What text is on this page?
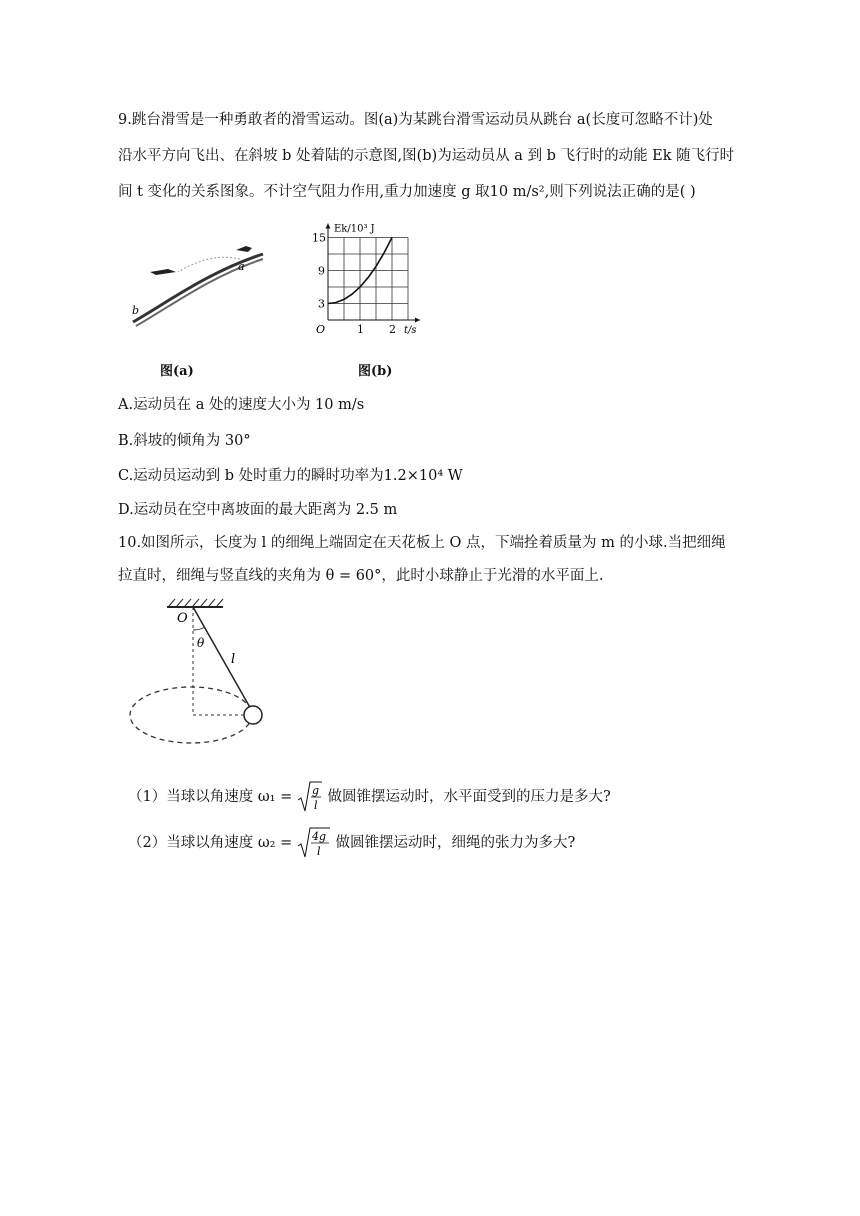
9.跳台滑雪是一种勇敢者的滑雪运动。图(a)为某跳台滑雪运动员从跳台 a(长度可忽略不计)处
沿水平方向飞出、在斜坡 b 处着陆的示意图,图(b)为运动员从 a 到 b 飞行时的动能 Ek 随飞行时
间 t 变化的关系图象。不计空气阻力作用,重力加速度 g 取10 m/s²,则下列说法正确的是( )
a
b
图(a)
1 2
3
9
15
O
Ek/10³ J
t/s
图(b)
A.运动员在 a 处的速度大小为 10 m/s
B.斜坡的倾角为 30°
C.运动员运动到 b 处时重力的瞬时功率为1.2×10⁴ W
D.运动员在空中离坡面的最大距离为 2.5 m
10.如图所示，长度为 l 的细绳上端固定在天花板上 O 点，下端拴着质量为 m 的小球.当把细绳
拉直时，细绳与竖直线的夹角为 θ = 60°，此时小球静止于光滑的水平面上.
O
θ
l
（1）当球以角速度 ω₁ = g
l
做圆锥摆运动时，水平面受到的压力是多大?
（2）当球以角速度 ω₂ = 4g
l
做圆锥摆运动时，细绳的张力为多大?
